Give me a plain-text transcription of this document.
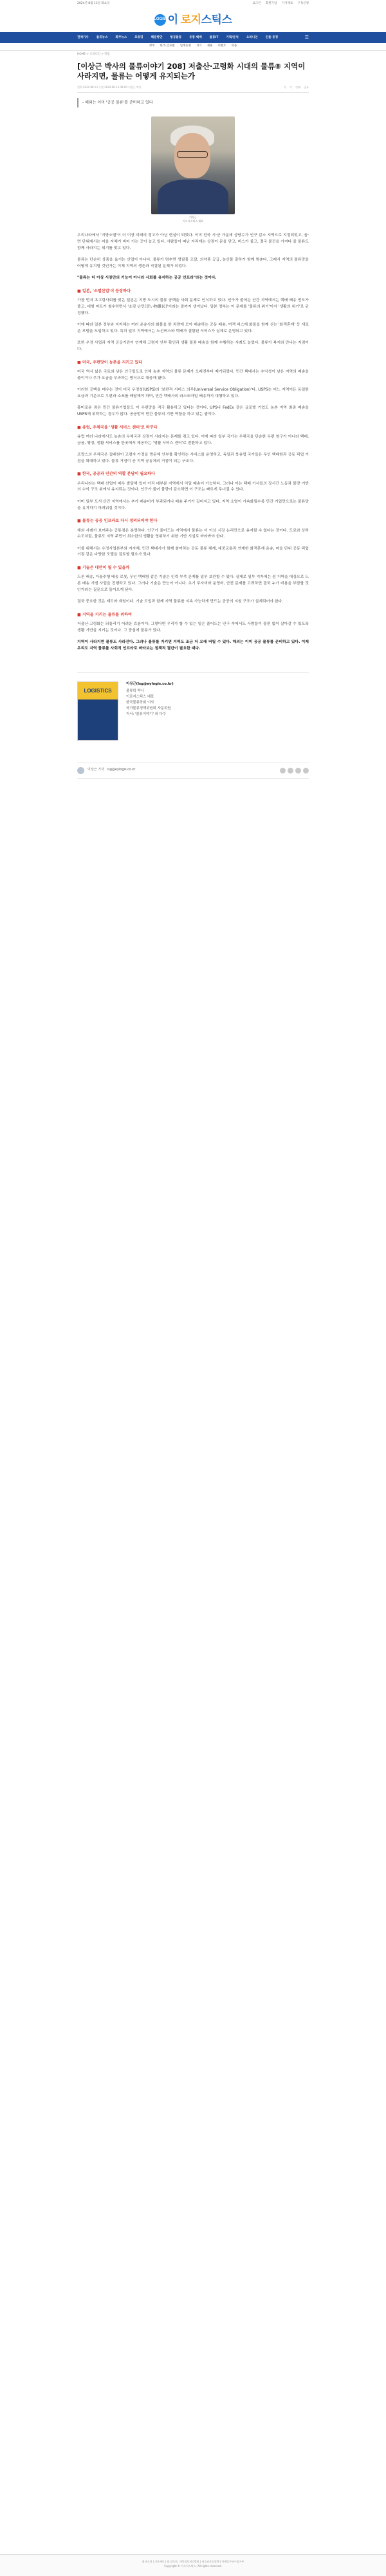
2024년 8월 13일 화요일	로그인 회원가입 기사제보 구독신청
LOGIS 이 로지스틱스
전체기사	물류뉴스	화주뉴스	포워딩	해운항만	항공물류	유통·택배	물류IT	기획/분석	오피니언	인물·동정	☰
정부 한국·글로벌 업계동향 지식 제휴 이벤트 피플
HOME > 오피니언 > 칼럼
[이상근 박사의 물류이야기 208] 저출산·고령화 시대의 물류⑧ 지역이 사라지면, 물류는 어떻게 유지되는가
입력 2024.08.13 수정 2024.08.13 09:00 이상근 박사	가 가 인쇄 공유
- 해외는 이미 '공공 물류'를 준비하고 있다
이상근
이로지스틱스 대표

우리나라에서 '지방소멸'이 더 이상 미래의 경고가 아닌 현실이 되었다. 이미 전국 시·군 가운데 상당수가 인구 감소 지역으로 지정되었고, 읍·면 단위에서는 마을 자체가 비어 가는 곳이 늘고 있다. 사람들이 떠난 자리에는 상점이 문을 닫고, 버스가 줄고, 결국 물건을 가져다 줄 물류도 함께 사라지는 위기를 맞고 있다.

물류는 단순히 상품을 옮기는 산업이 아니다. 물류가 멈추면 생필품 조달, 의약품 공급, 농산물 출하가 함께 멈춘다. 그래서 지역의 물류망을 어떻게 유지할 것인가는 이제 지역의 생존과 직결된 문제가 되었다.

"물류는 더 이상 시장만의 기능이 아니라 사회를 유지하는 공공 인프라"라는 것이다.

■ 일본, '소멸산업'이 등장하다

가장 먼저 초고령사회를 맞은 일본은 지방 도시의 물류 공백을 사회 문제로 인식하고 있다. 인구가 줄어든 산간 지역에서는 택배 배송 빈도가 줄고, 대형 마트가 철수하면서 '쇼핑 난민(買い物難民)'이라는 말까지 생겨났다. 일본 정부는 이 문제를 '물류의 위기'이자 '생활의 위기'로 규정했다.

이에 따라 일본 정부와 지자체는 여러 운송사의 화물을 한 차량에 모아 배송하는 공동 배송, 여객 버스에 화물을 함께 싣는 '화객혼재' 등 새로운 모델을 도입하고 있다. 특히 일부 지역에서는 노선버스와 택배가 결합된 서비스가 실제로 운영되고 있다.

또한 우정 사업과 지역 공공기관이 연계해 고령자 안부 확인과 생활 물품 배송을 함께 수행하는 사례도 늘었다. 물류가 복지와 만나는 지점이다.

■ 미국, 우편망이 농촌을 지키고 있다

미국 역시 넓은 국토와 낮은 인구밀도로 인해 농촌 지역의 물류 문제가 오래전부터 제기되었다. 민간 택배사는 수익성이 낮은 지역의 배송을 줄이거나 추가 요금을 부과하는 방식으로 대응해 왔다.

이러한 공백을 메우는 것이 미국 우정청(USPS)의 '보편적 서비스 의무(Universal Service Obligation)'다. USPS는 어느 지역이든 동일한 요금과 기준으로 우편과 소포를 배달해야 하며, 민간 택배사의 라스트마일 배송까지 대행하고 있다.

흥미로운 점은 민간 물류기업들도 이 우편망을 적극 활용하고 있다는 것이다. UPS나 FedEx 같은 글로벌 기업도 농촌 지역 최종 배송을 USPS에 위탁하는 경우가 많다. 공공망이 민간 물류의 기반 역할을 하고 있는 셈이다.

■ 유럽, 우체국을 '생활 서비스 센터'로 바꾸다

유럽 여러 나라에서도 농촌의 우체국과 상점이 사라지는 문제를 겪고 있다. 이에 따라 일부 국가는 우체국을 단순한 우편 창구가 아니라 택배, 금융, 행정, 생활 서비스를 한곳에서 제공하는 '생활 서비스 센터'로 전환하고 있다.

프랑스의 우체국은 집배원이 고령자 가정을 방문해 안부를 확인하는 서비스를 운영하고, 독일과 북유럽 국가들은 무인 택배함과 공동 픽업 거점을 확대하고 있다. 물류 거점이 곧 지역 공동체의 거점이 되는 구조다.

■ 한국, 공공과 민간의 역할 분담이 필요하다

우리나라는 택배 산업이 매우 발달해 있어 아직 대부분 지역에서 익일 배송이 가능하다. 그러나 이는 택배 기사들의 장시간 노동과 물량 기반의 수익 구조 위에서 유지되는 것이다. 인구가 줄어 물량이 감소하면 이 구조는 빠르게 무너질 수 있다.

이미 일부 도서·산간 지역에서는 추가 배송비가 부과되거나 배송 주기가 길어지고 있다. 지역 소멸이 가속화될수록 민간 기업만으로는 물류망을 유지하기 어려워질 것이다.

■ 물류는 공공 인프라로 다시 정의되어야 한다

해외 사례가 보여주는 공통점은 분명하다. 인구가 줄어드는 지역에서 물류는 더 이상 시장 논리만으로 유지될 수 없다는 것이다. 도로와 상하수도처럼, 물류도 지역 주민이 최소한의 생활을 영위하기 위한 기반 시설로 바라봐야 한다.

이를 위해서는 우정사업본부와 지자체, 민간 택배사가 함께 참여하는 공동 물류 체계, 대중교통과 연계한 화객혼재 운송, 마을 단위 공동 픽업 거점 같은 다양한 모델을 검토할 필요가 있다.

■ 기술은 대안이 될 수 있을까

드론 배송, 자율주행 배송 로봇, 무인 택배함 같은 기술은 인력 부족 문제를 일부 보완할 수 있다. 실제로 일부 지자체는 섬 지역을 대상으로 드론 배송 시범 사업을 진행하고 있다. 그러나 기술은 만능이 아니다. 초기 투자비와 운영비, 안전 문제를 고려하면 결국 누가 비용을 부담할 것인가라는 질문으로 돌아오게 된다.

결국 중요한 것은 제도와 재원이다. 기술 도입과 함께 지역 물류를 지속 가능하게 만드는 공공의 지원 구조가 설계되어야 한다.

■ 지역을 지키는 물류를 위하여

저출산·고령화는 되돌리기 어려운 흐름이다. 그렇다면 우리가 할 수 있는 일은 줄어드는 인구 속에서도 사람들이 불편 없이 살아갈 수 있도록 생활 기반을 지키는 것이다. 그 중심에 물류가 있다.

지역이 사라지면 물류도 사라진다. 그러나 물류를 지키면 지역도 조금 더 오래 버틸 수 있다. 해외는 이미 공공 물류를 준비하고 있다. 이제 우리도 지역 물류를 사회적 인프라로 바라보는 정책적 결단이 필요한 때다.

LOGISTICS
이상근(lsg@eylogis.co.kr)
물류학 박사
이로지스틱스 대표
한국물류학회 이사
국가물류정책위원회 자문위원
저서: '물류이야기' 외 다수
이상근 기자 lsg@eylogis.co.kr
회사소개 | 기사제보 | 광고문의 | 개인정보처리방침 | 청소년보호정책 | 이메일무단수집거부
Copyright © 이로지스틱스. All rights reserved.
